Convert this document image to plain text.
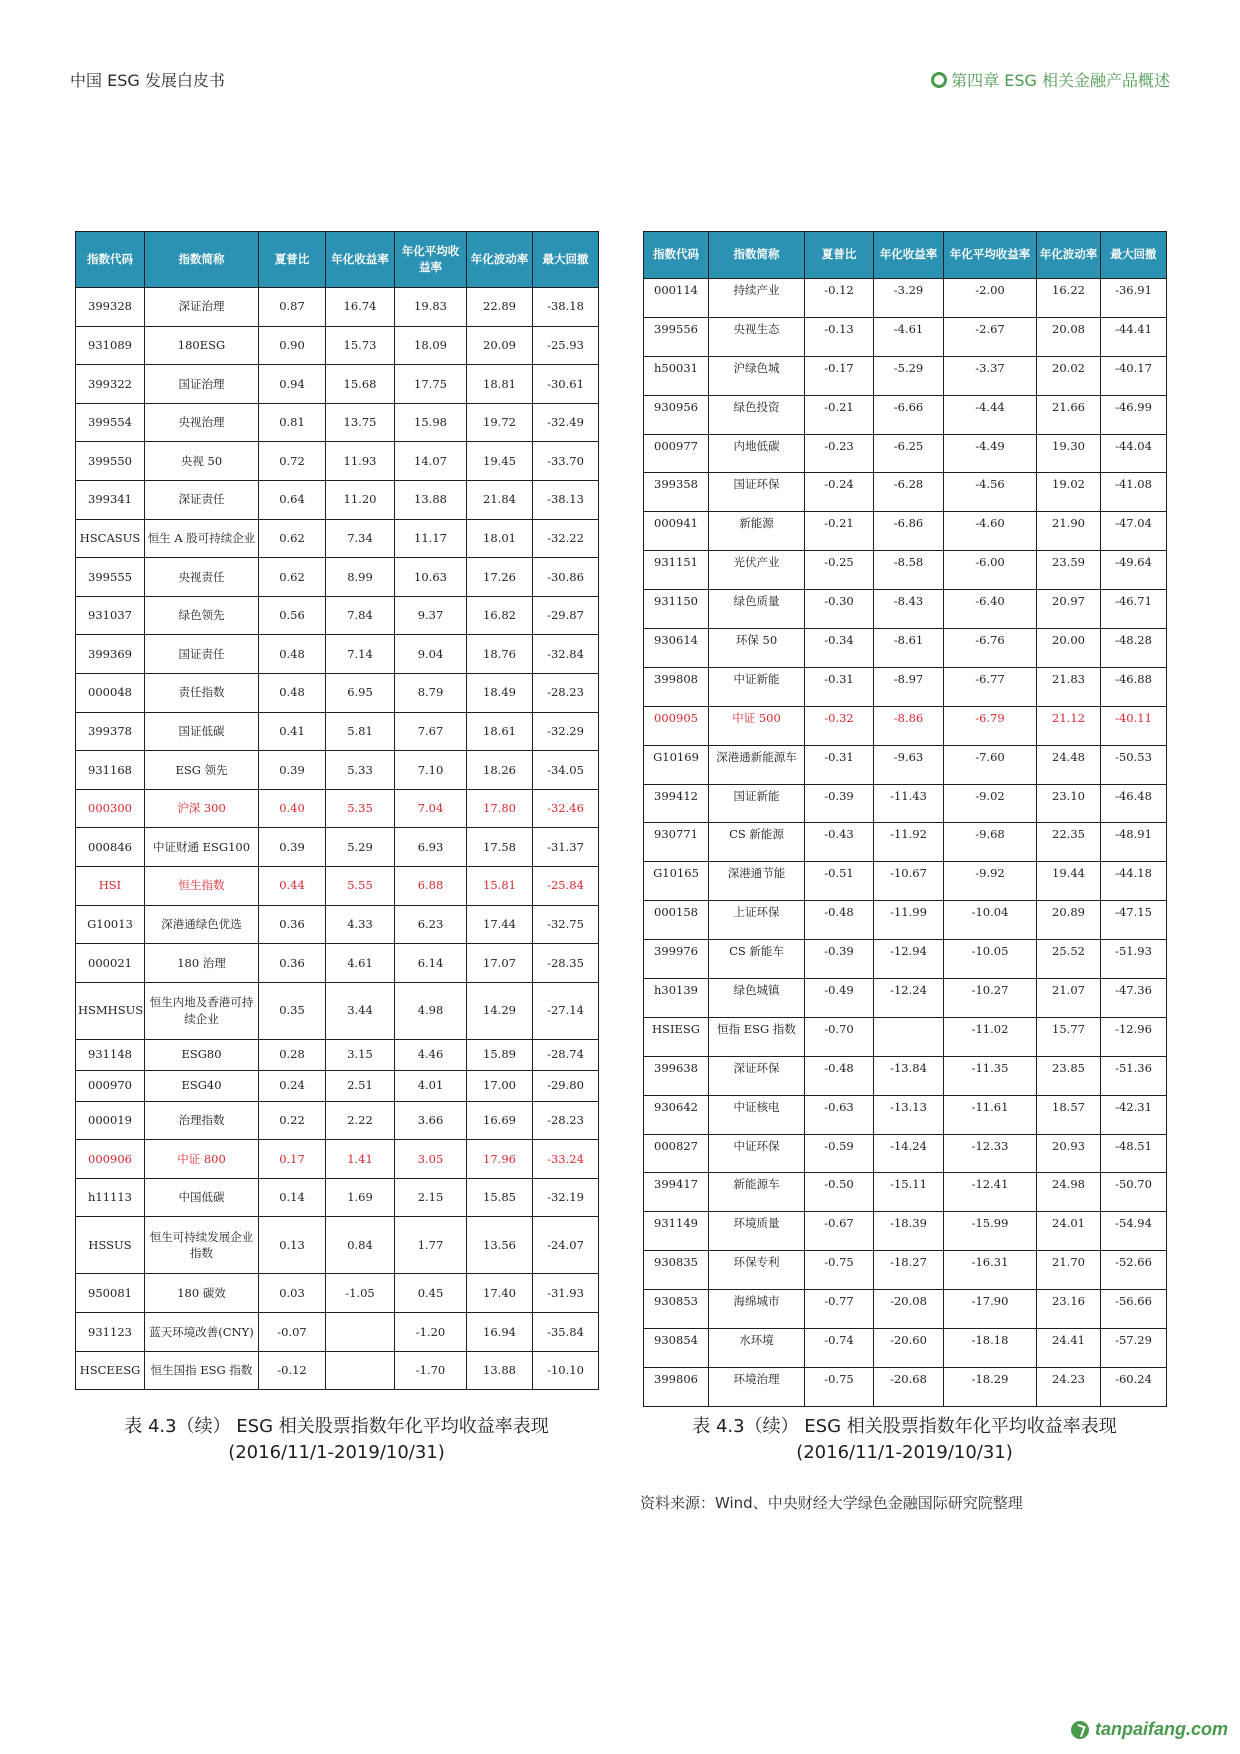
中国 ESG 发展白皮书	第四章 ESG 相关金融产品概述
指数代码	指数简称	夏普比	年化收益率	年化平均收益率	年化波动率	最大回撤
399328	深证治理	0.87	16.74	19.83	22.89	-38.18
931089	180ESG	0.90	15.73	18.09	20.09	-25.93
399322	国证治理	0.94	15.68	17.75	18.81	-30.61
399554	央视治理	0.81	13.75	15.98	19.72	-32.49
399550	央视 50	0.72	11.93	14.07	19.45	-33.70
399341	深证责任	0.64	11.20	13.88	21.84	-38.13
HSCASUS	恒生 A 股可持续企业	0.62	7.34	11.17	18.01	-32.22
399555	央视责任	0.62	8.99	10.63	17.26	-30.86
931037	绿色领先	0.56	7.84	9.37	16.82	-29.87
399369	国证责任	0.48	7.14	9.04	18.76	-32.84
000048	责任指数	0.48	6.95	8.79	18.49	-28.23
399378	国证低碳	0.41	5.81	7.67	18.61	-32.29
931168	ESG 领先	0.39	5.33	7.10	18.26	-34.05
000300	沪深 300	0.40	5.35	7.04	17.80	-32.46
000846	中证财通 ESG100	0.39	5.29	6.93	17.58	-31.37
HSI	恒生指数	0.44	5.55	6.88	15.81	-25.84
G10013	深港通绿色优选	0.36	4.33	6.23	17.44	-32.75
000021	180 治理	0.36	4.61	6.14	17.07	-28.35
HSMHSUS	恒生内地及香港可持续企业	0.35	3.44	4.98	14.29	-27.14
931148	ESG80	0.28	3.15	4.46	15.89	-28.74
000970	ESG40	0.24	2.51	4.01	17.00	-29.80
000019	治理指数	0.22	2.22	3.66	16.69	-28.23
000906	中证 800	0.17	1.41	3.05	17.96	-33.24
h11113	中国低碳	0.14	1.69	2.15	15.85	-32.19
HSSUS	恒生可持续发展企业指数	0.13	0.84	1.77	13.56	-24.07
950081	180 碳效	0.03	-1.05	0.45	17.40	-31.93
931123	蓝天环境改善(CNY)	-0.07		-1.20	16.94	-35.84
HSCEESG	恒生国指 ESG 指数	-0.12		-1.70	13.88	-10.10
指数代码	指数简称	夏普比	年化收益率	年化平均收益率	年化波动率	最大回撤
000114	持续产业	-0.12	-3.29	-2.00	16.22	-36.91
399556	央视生态	-0.13	-4.61	-2.67	20.08	-44.41
h50031	沪绿色城	-0.17	-5.29	-3.37	20.02	-40.17
930956	绿色投资	-0.21	-6.66	-4.44	21.66	-46.99
000977	内地低碳	-0.23	-6.25	-4.49	19.30	-44.04
399358	国证环保	-0.24	-6.28	-4.56	19.02	-41.08
000941	新能源	-0.21	-6.86	-4.60	21.90	-47.04
931151	光伏产业	-0.25	-8.58	-6.00	23.59	-49.64
931150	绿色质量	-0.30	-8.43	-6.40	20.97	-46.71
930614	环保 50	-0.34	-8.61	-6.76	20.00	-48.28
399808	中证新能	-0.31	-8.97	-6.77	21.83	-46.88
000905	中证 500	-0.32	-8.86	-6.79	21.12	-40.11
G10169	深港通新能源车	-0.31	-9.63	-7.60	24.48	-50.53
399412	国证新能	-0.39	-11.43	-9.02	23.10	-46.48
930771	CS 新能源	-0.43	-11.92	-9.68	22.35	-48.91
G10165	深港通节能	-0.51	-10.67	-9.92	19.44	-44.18
000158	上证环保	-0.48	-11.99	-10.04	20.89	-47.15
399976	CS 新能车	-0.39	-12.94	-10.05	25.52	-51.93
h30139	绿色城镇	-0.49	-12.24	-10.27	21.07	-47.36
HSIESG	恒指 ESG 指数	-0.70		-11.02	15.77	-12.96
399638	深证环保	-0.48	-13.84	-11.35	23.85	-51.36
930642	中证核电	-0.63	-13.13	-11.61	18.57	-42.31
000827	中证环保	-0.59	-14.24	-12.33	20.93	-48.51
399417	新能源车	-0.50	-15.11	-12.41	24.98	-50.70
931149	环境质量	-0.67	-18.39	-15.99	24.01	-54.94
930835	环保专利	-0.75	-18.27	-16.31	21.70	-52.66
930853	海绵城市	-0.77	-20.08	-17.90	23.16	-56.66
930854	水环境	-0.74	-20.60	-18.18	24.41	-57.29
399806	环境治理	-0.75	-20.68	-18.29	24.23	-60.24
表 4.3（续） ESG 相关股票指数年化平均收益率表现
(2016/11/1-2019/10/31)
表 4.3（续） ESG 相关股票指数年化平均收益率表现
(2016/11/1-2019/10/31)
资料来源：Wind、中央财经大学绿色金融国际研究院整理
tanpaifang.com
